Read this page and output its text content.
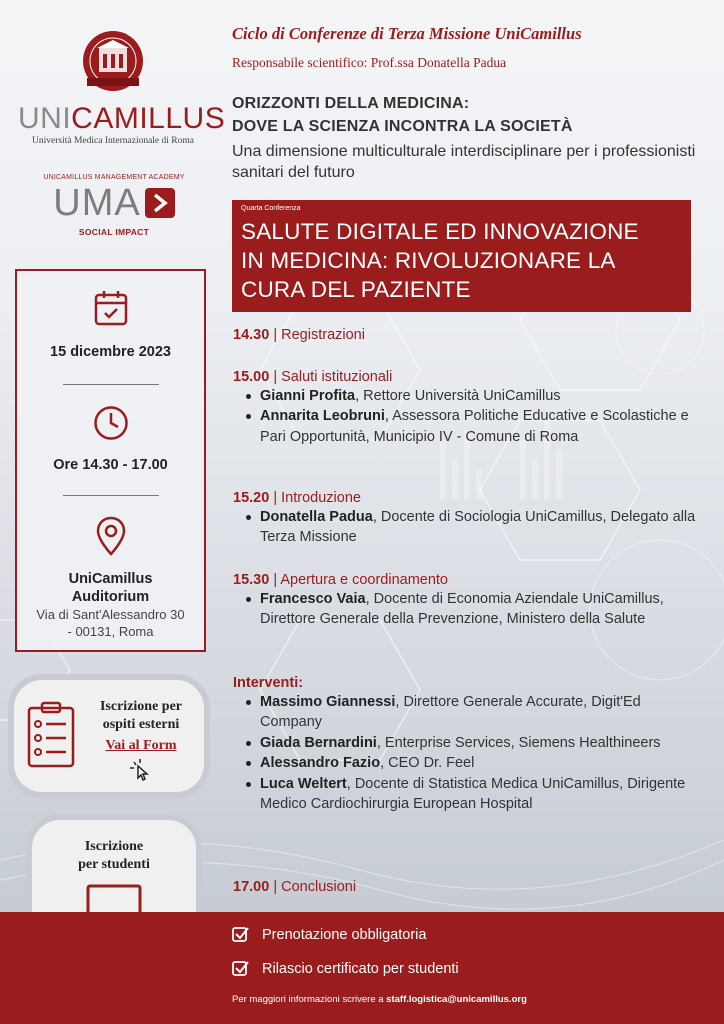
UNICAMILLUS
Università Medica Internazionale di Roma
UNICAMILLUS MANAGEMENT ACADEMY
UMA
SOCIAL IMPACT
15 dicembre 2023
Ore 14.30 - 17.00
UniCamillus
Auditorium
Via di Sant'Alessandro 30
- 00131, Roma
Iscrizione per
ospiti esterni
Vai al Form
Iscrizione
per studenti
Ciclo di Conferenze di Terza Missione UniCamillus
Responsabile scientifico: Prof.ssa Donatella Padua
ORIZZONTI DELLA MEDICINA:
DOVE LA SCIENZA INCONTRA LA SOCIETÀ
Una dimensione multiculturale interdisciplinare per i professionisti sanitari del futuro
Quarta Conferenza
SALUTE DIGITALE ED INNOVAZIONE
IN MEDICINA: RIVOLUZIONARE LA
CURA DEL PAZIENTE
14.30 | Registrazioni
15.00 | Saluti istituzionali
Gianni Profita, Rettore Università UniCamillus
Annarita Leobruni, Assessora Politiche Educative e Scolastiche e Pari Opportunità, Municipio IV - Comune di Roma
15.20 | Introduzione
Donatella Padua, Docente di Sociologia UniCamillus, Delegato alla Terza Missione
15.30 | Apertura e coordinamento
Francesco Vaia, Docente di Economia Aziendale UniCamillus, Direttore Generale della Prevenzione, Ministero della Salute
Interventi:
Massimo Giannessi, Direttore Generale Accurate, Digit'Ed Company
Giada Bernardini, Enterprise Services, Siemens Healthineers
Alessandro Fazio, CEO Dr. Feel
Luca Weltert, Docente di Statistica Medica UniCamillus, Dirigente Medico Cardiochirurgia European Hospital
17.00 | Conclusioni
Prenotazione obbligatoria
Rilascio certificato per studenti
Per maggiori informazioni scrivere a staff.logistica@unicamillus.org
